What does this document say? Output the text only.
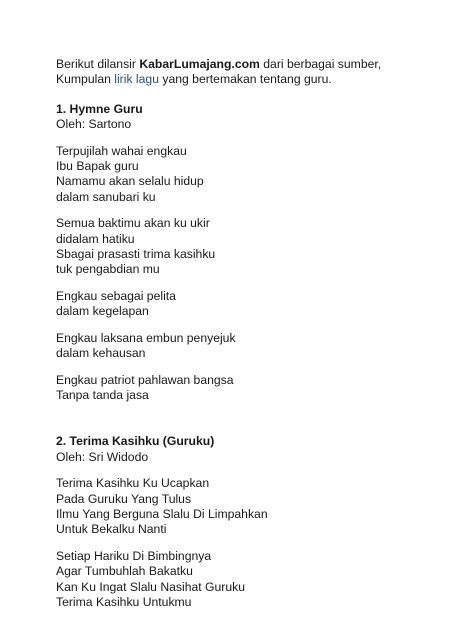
Berikut dilansir KabarLumajang.com dari berbagai sumber,
Kumpulan lirik lagu yang bertemakan tentang guru.
1. Hymne Guru
Oleh: Sartono
Terpujilah wahai engkau
Ibu Bapak guru
Namamu akan selalu hidup
dalam sanubari ku
Semua baktimu akan ku ukir
didalam hatiku
Sbagai prasasti trima kasihku
tuk pengabdian mu
Engkau sebagai pelita
dalam kegelapan
Engkau laksana embun penyejuk
dalam kehausan
Engkau patriot pahlawan bangsa
Tanpa tanda jasa
2. Terima Kasihku (Guruku)
Oleh: Sri Widodo
Terima Kasihku Ku Ucapkan
Pada Guruku Yang Tulus
Ilmu Yang Berguna Slalu Di Limpahkan
Untuk Bekalku Nanti
Setiap Hariku Di Bimbingnya
Agar Tumbuhlah Bakatku
Kan Ku Ingat Slalu Nasihat Guruku
Terima Kasihku Untukmu
